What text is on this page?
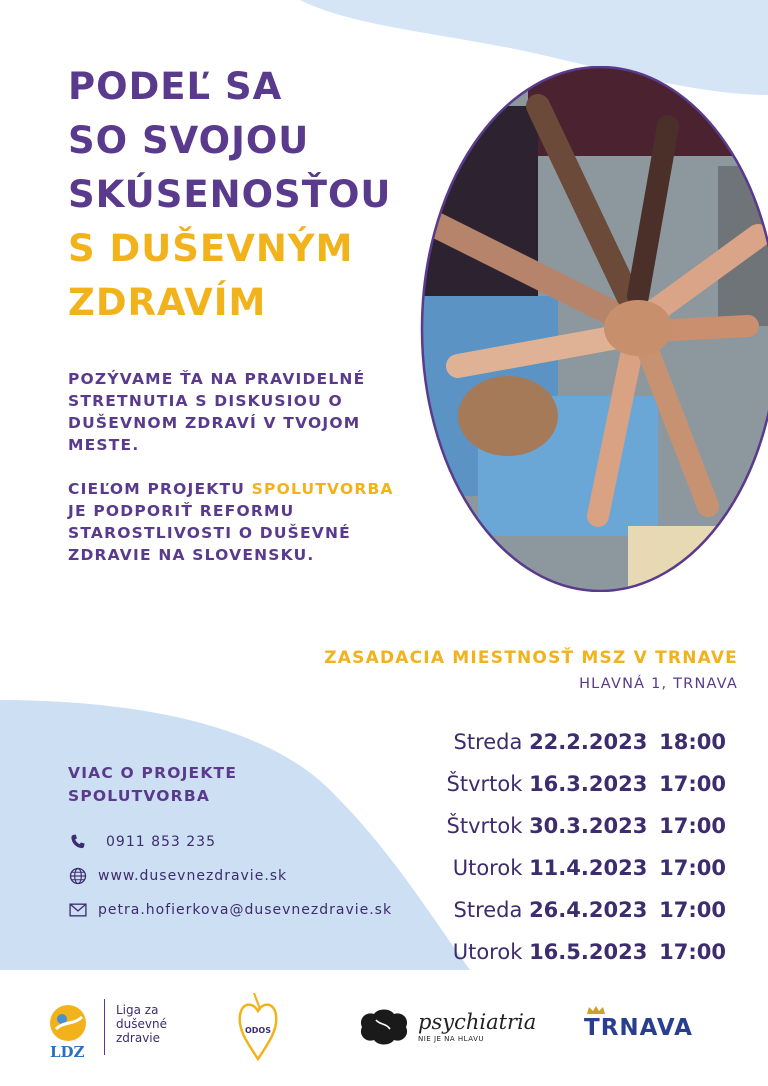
PODEĽ SA
SO SVOJOU
SKÚSENOSŤOU
S DUŠEVNÝM
ZDRAVÍM

POZÝVAME ŤA NA PRAVIDELNÉ STRETNUTIA S DISKUSIOU O DUŠEVNOM ZDRAVÍ V TVOJOM MESTE.

CIEĽOM PROJEKTU SPOLUTVORBA JE PODPORIŤ REFORMU STAROSTLIVOSTI O DUŠEVNÉ ZDRAVIE NA SLOVENSKU.

ZASADACIA MIESTNOSŤ MSZ V TRNAVE
HLAVNÁ 1, TRNAVA
Streda 22.2.2023 18:00
Štvrtok 16.3.2023 17:00
Štvrtok 30.3.2023 17:00
Utorok 11.4.2023 17:00
Streda 26.4.2023 17:00
Utorok 16.5.2023 17:00
VIAC O PROJEKTE
SPOLUTVORBA
0911 853 235
www.dusevnezdravie.sk
petra.hofierkova@dusevnezdravie.sk
LDZ
Liga za
duševné
zdravie
ODOS	psychiatria
NIE JE NA HLAVU	TRNAVA
